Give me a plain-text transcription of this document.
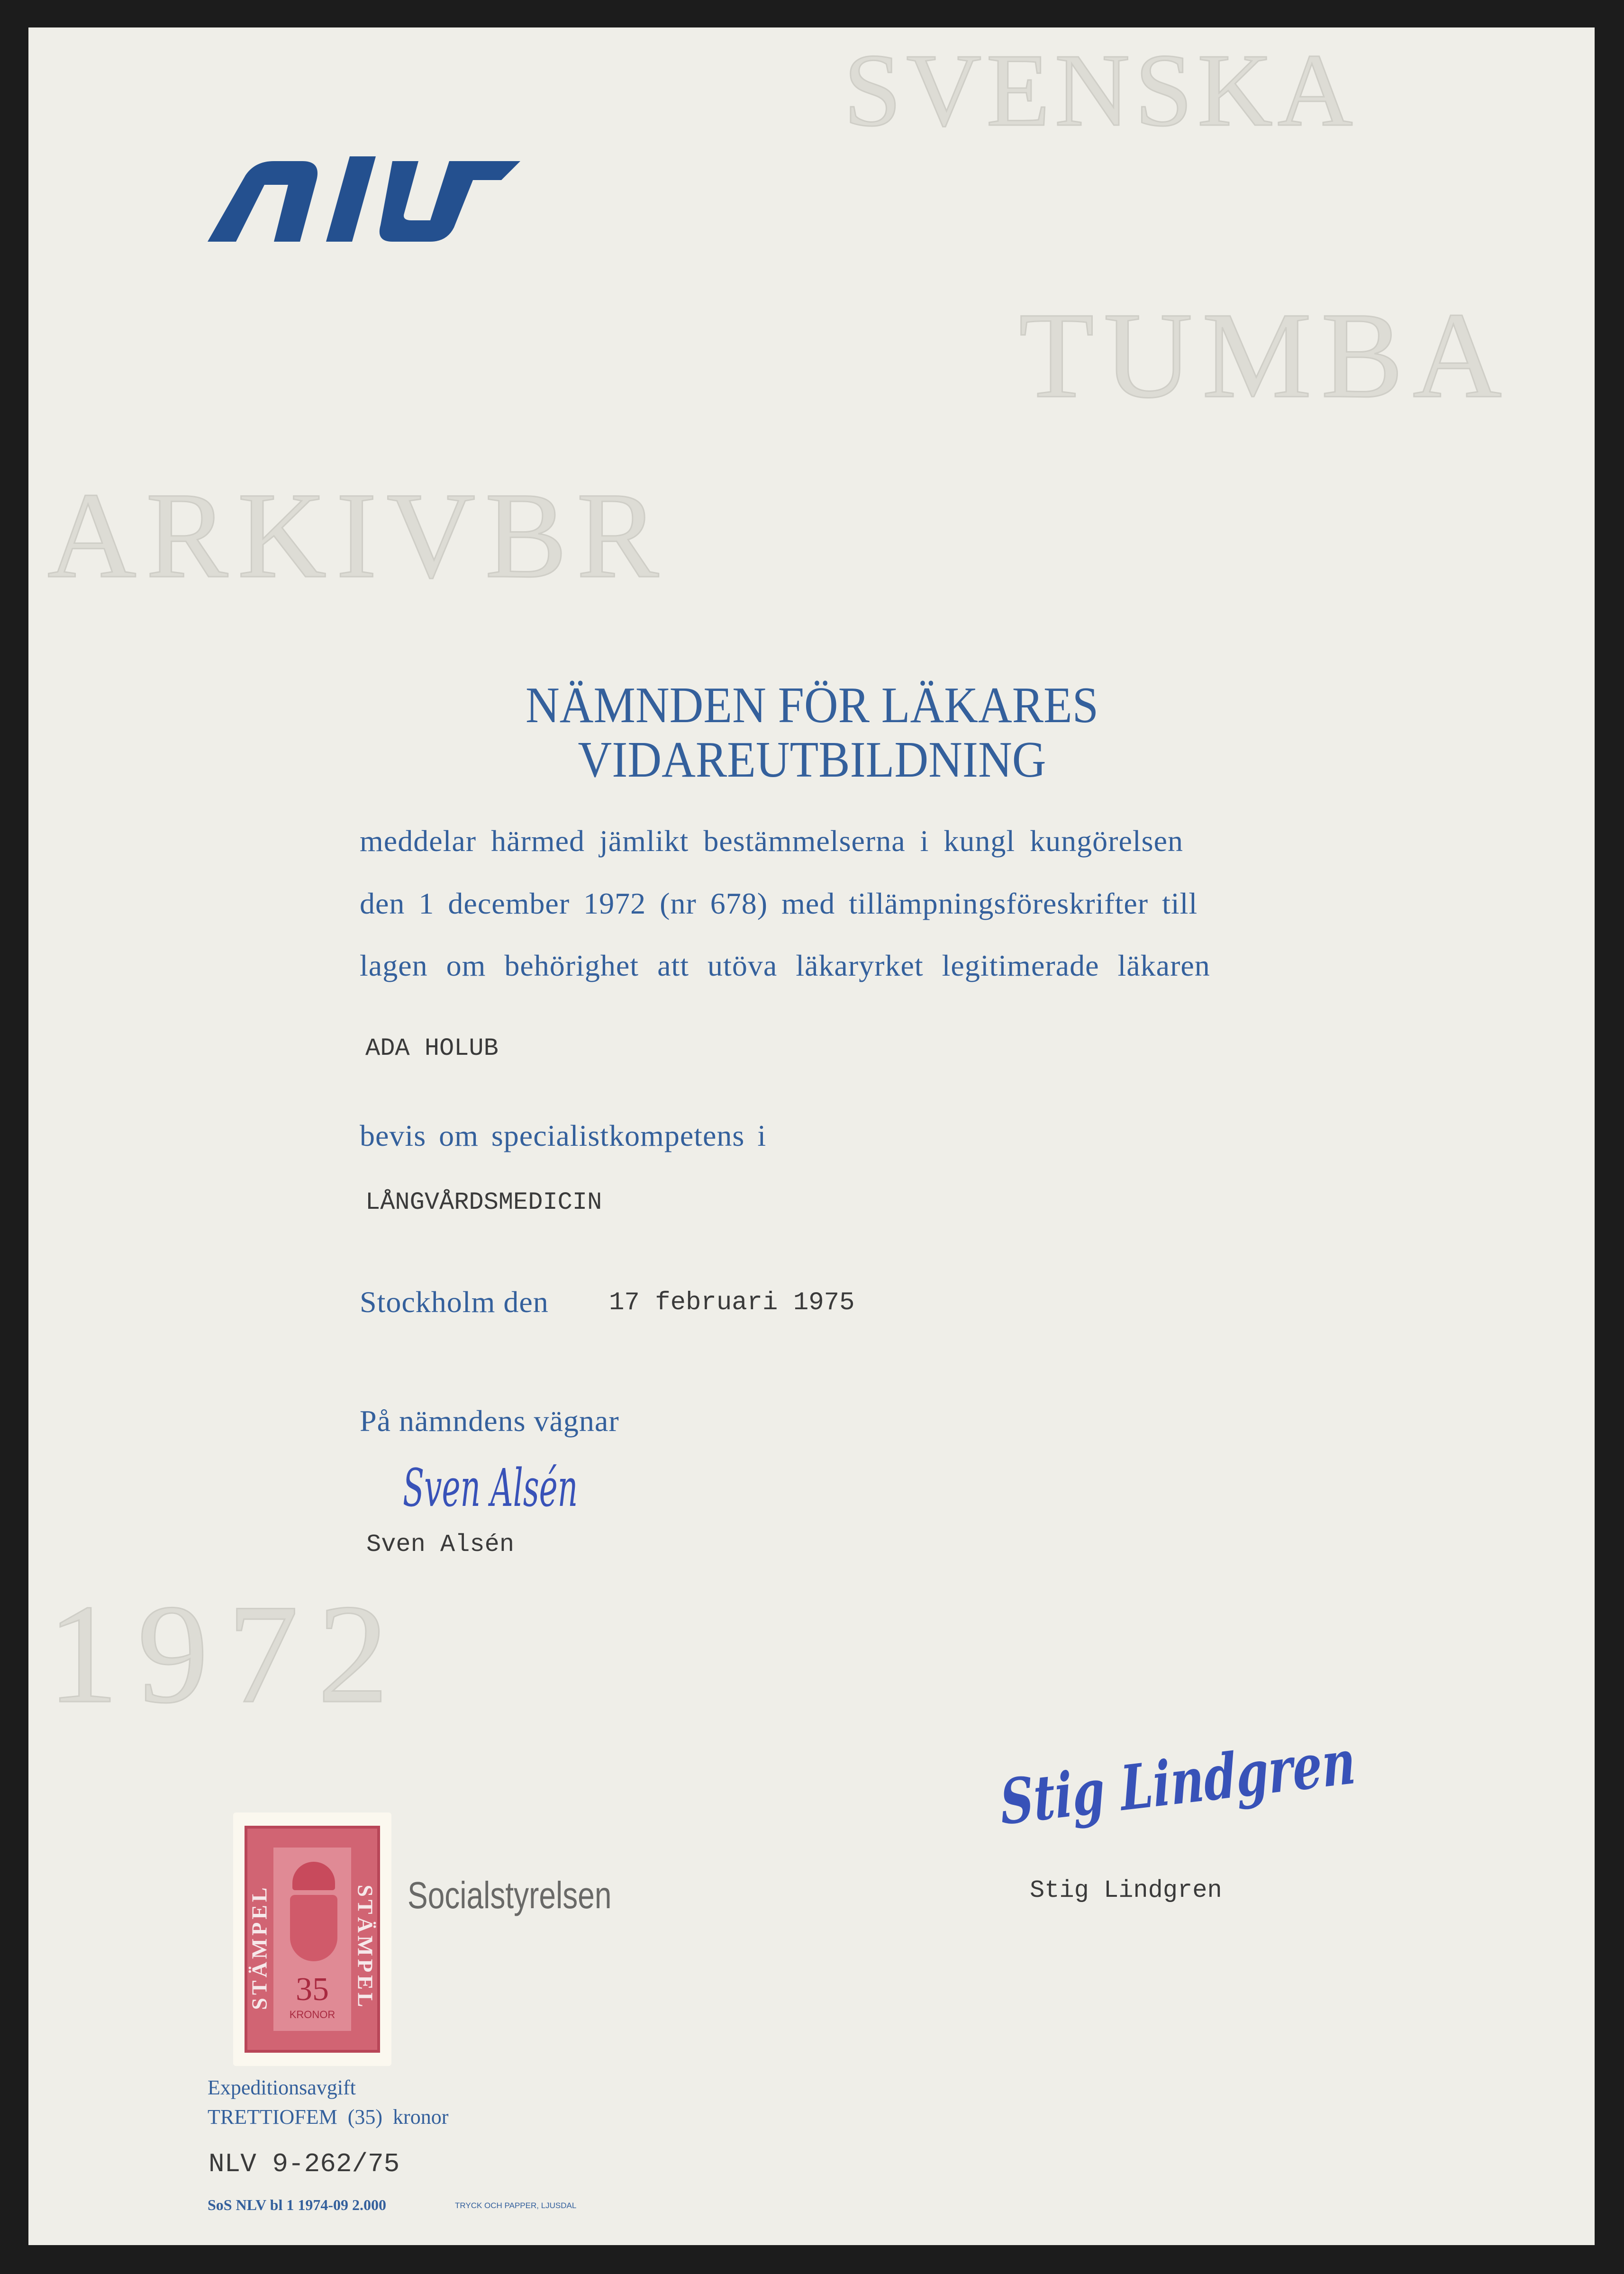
SVENSKA
TUMBA
ARKIVBR
1972
NÄMNDEN FÖR LÄKARES
VIDAREUTBILDNING
meddelar härmed jämlikt bestämmelserna i kungl kungörelsen
den 1 december 1972 (nr 678) med tillämpningsföreskrifter till
lagen om behörighet att utöva läkaryrket legitimerade läkaren
ADA HOLUB
bevis om specialistkompetens i
LÅNGVÅRDSMEDICIN
Stockholm den 17 februari 1975
På nämndens vägnar
Sven Alsén
Sven Alsén
Stig Lindgren
Stig Lindgren
STÄMPEL	STÄMPEL
35
KRONOR
Socialstyrelsen
Expeditionsavgift
TRETTIOFEM  (35)  kronor
NLV 9-262/75
SoS NLV bl 1 1974-09 2.000	TRYCK OCH PAPPER, LJUSDAL
